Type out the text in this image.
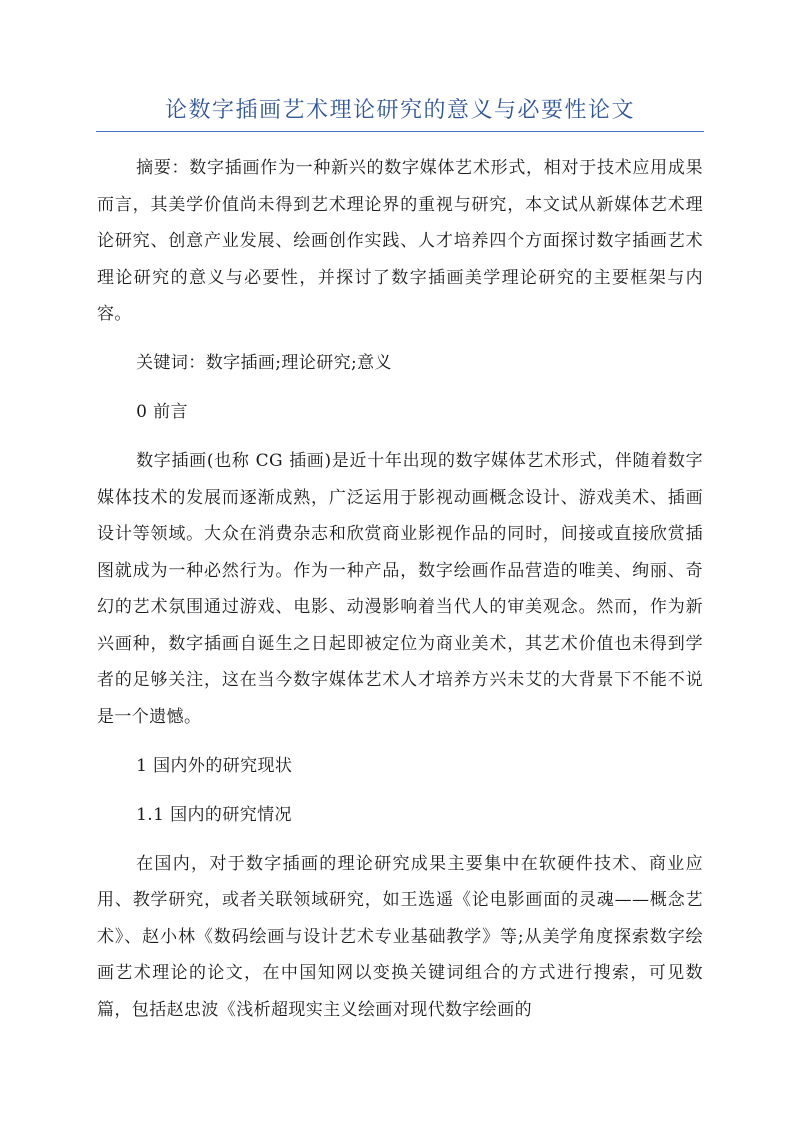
论数字插画艺术理论研究的意义与必要性论文

摘要：数字插画作为一种新兴的数字媒体艺术形式，相对于技术应用成果而言，其美学价值尚未得到艺术理论界的重视与研究，本文试从新媒体艺术理论研究、创意产业发展、绘画创作实践、人才培养四个方面探讨数字插画艺术理论研究的意义与必要性，并探讨了数字插画美学理论研究的主要框架与内容。

关键词：数字插画;理论研究;意义

0 前言

数字插画(也称 CG 插画)是近十年出现的数字媒体艺术形式，伴随着数字媒体技术的发展而逐渐成熟，广泛运用于影视动画概念设计、游戏美术、插画设计等领域。大众在消费杂志和欣赏商业影视作品的同时，间接或直接欣赏插图就成为一种必然行为。作为一种产品，数字绘画作品营造的唯美、绚丽、奇幻的艺术氛围通过游戏、电影、动漫影响着当代人的审美观念。然而，作为新兴画种，数字插画自诞生之日起即被定位为商业美术，其艺术价值也未得到学者的足够关注，这在当今数字媒体艺术人才培养方兴未艾的大背景下不能不说是一个遗憾。

1 国内外的研究现状

1.1 国内的研究情况

在国内，对于数字插画的理论研究成果主要集中在软硬件技术、商业应用、教学研究，或者关联领域研究，如王选遥《论电影画面的灵魂——概念艺术》、赵小林《数码绘画与设计艺术专业基础教学》等;从美学角度探索数字绘画艺术理论的论文，在中国知网以变换关键词组合的方式进行搜索，可见数篇，包括赵忠波《浅析超现实主义绘画对现代数字绘画的
